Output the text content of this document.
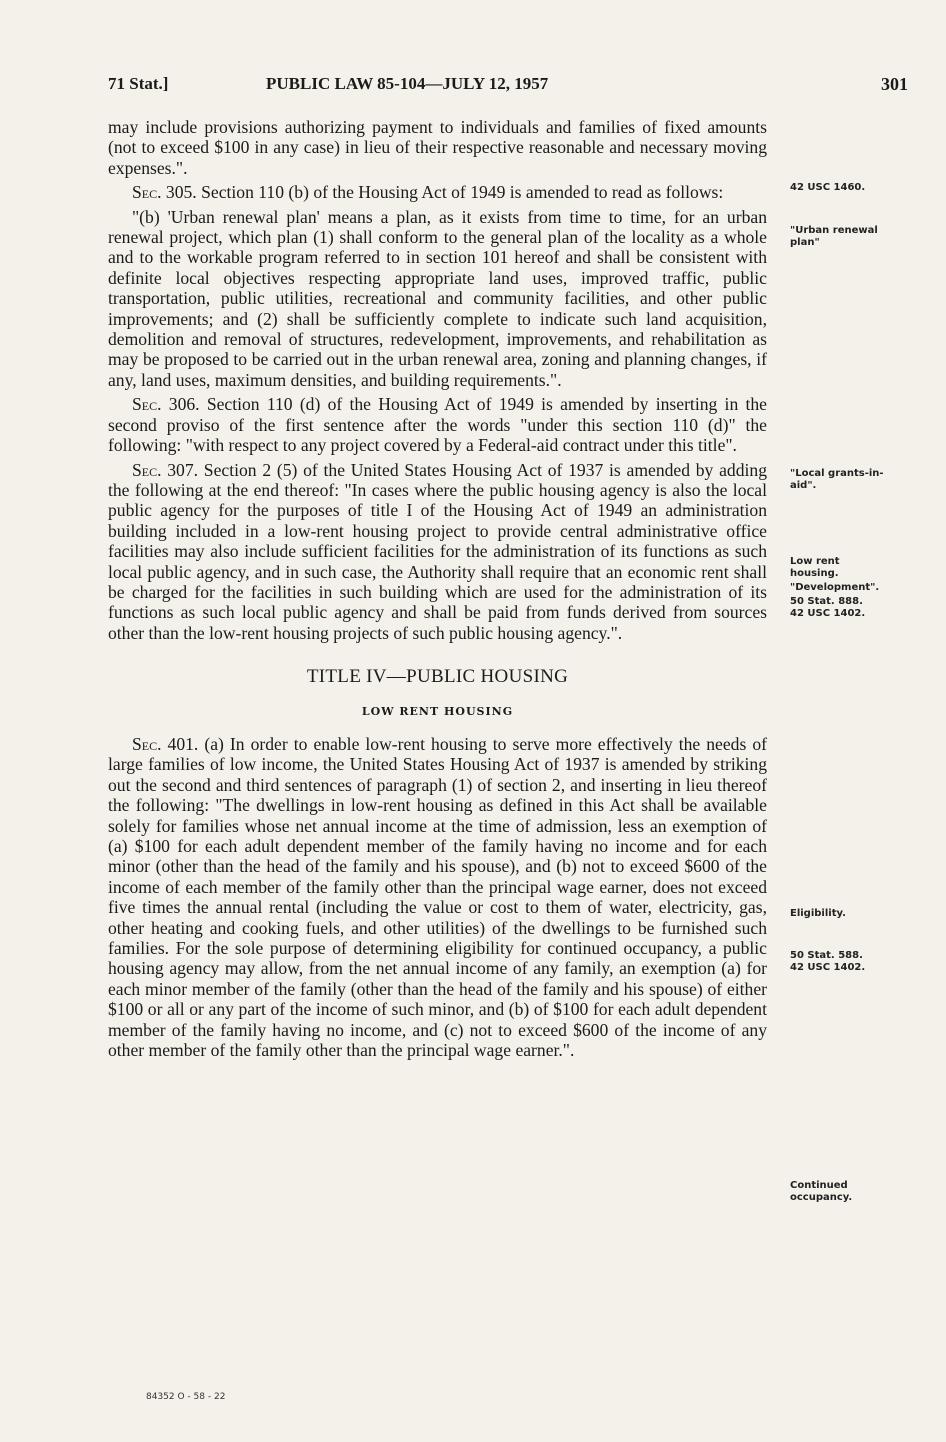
71 Stat.]	PUBLIC LAW 85-104—JULY 12, 1957	301

may include provisions authorizing payment to individuals and families of fixed amounts (not to exceed $100 in any case) in lieu of their respective reasonable and necessary moving expenses.".

Sec. 305. Section 110 (b) of the Housing Act of 1949 is amended to read as follows:

"(b) 'Urban renewal plan' means a plan, as it exists from time to time, for an urban renewal project, which plan (1) shall conform to the general plan of the locality as a whole and to the workable program referred to in section 101 hereof and shall be consistent with definite local objectives respecting appropriate land uses, improved traffic, public transportation, public utilities, recreational and community facilities, and other public improvements; and (2) shall be sufficiently complete to indicate such land acquisition, demolition and removal of structures, redevelopment, improvements, and rehabilitation as may be proposed to be carried out in the urban renewal area, zoning and planning changes, if any, land uses, maximum densities, and building requirements.".

Sec. 306. Section 110 (d) of the Housing Act of 1949 is amended by inserting in the second proviso of the first sentence after the words "under this section 110 (d)" the following: "with respect to any project covered by a Federal-aid contract under this title".

Sec. 307. Section 2 (5) of the United States Housing Act of 1937 is amended by adding the following at the end thereof: "In cases where the public housing agency is also the local public agency for the purposes of title I of the Housing Act of 1949 an administration building included in a low-rent housing project to provide central administrative office facilities may also include sufficient facilities for the administration of its functions as such local public agency, and in such case, the Authority shall require that an economic rent shall be charged for the facilities in such building which are used for the administration of its functions as such local public agency and shall be paid from funds derived from sources other than the low-rent housing projects of such public housing agency.".

TITLE IV—PUBLIC HOUSING
LOW RENT HOUSING

Sec. 401. (a) In order to enable low-rent housing to serve more effectively the needs of large families of low income, the United States Housing Act of 1937 is amended by striking out the second and third sentences of paragraph (1) of section 2, and inserting in lieu thereof the following: "The dwellings in low-rent housing as defined in this Act shall be available solely for families whose net annual income at the time of admission, less an exemption of (a) $100 for each adult dependent member of the family having no income and for each minor (other than the head of the family and his spouse), and (b) not to exceed $600 of the income of each member of the family other than the principal wage earner, does not exceed five times the annual rental (including the value or cost to them of water, electricity, gas, other heating and cooking fuels, and other utilities) of the dwellings to be furnished such families. For the sole purpose of determining eligibility for continued occupancy, a public housing agency may allow, from the net annual income of any family, an exemption (a) for each minor member of the family (other than the head of the family and his spouse) of either $100 or all or any part of the income of such minor, and (b) of $100 for each adult dependent member of the family having no income, and (c) not to exceed $600 of the income of any other member of the family other than the principal wage earner.".

42 USC 1460.
"Urban renewal plan"
"Local grants-in-aid".
Low rent housing.
"Development".
50 Stat. 888.
42 USC 1402.
Eligibility.
50 Stat. 588.
42 USC 1402.
Continued occupancy.
84352 O - 58 - 22
